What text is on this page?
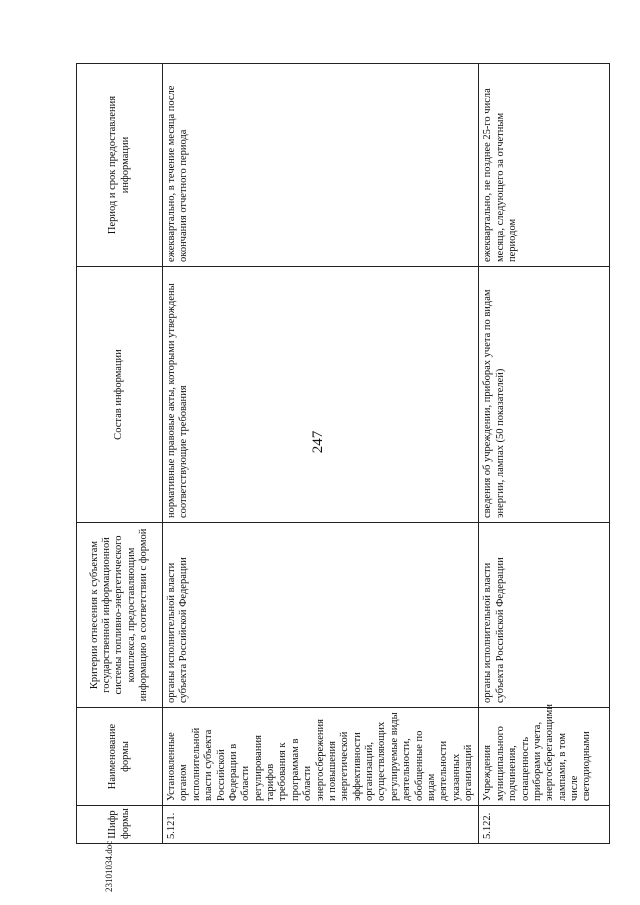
247
Шифр формы	Наименование формы	Критерии отнесения к субъектам государственной информационной системы топливно-энергетического комплекса, предоставляющим информацию в соответствии с формой	Состав информации	Период и срок предоставления информации
5.121.	Установленные органом исполнительной власти субъекта Российской Федерации в области регулирования тарифов требования к программам в области энергосбережения и повышения энергетической эффективности организаций, осуществляющих регулируемые виды деятельности, обобщенные по видам деятельности указанных организаций	органы исполнительной власти субъекта Российской Федерации	нормативные правовые акты, которыми утверждены соответствующие требования	ежеквартально, в течение месяца после окончания отчетного периода
5.122.	Учреждения муниципального подчинения, оснащенность приборами учета, энергосберегающими лампами, в том числе светодиодными	органы исполнительной власти субъекта Российской Федерации	сведения об учреждении, приборах учета по видам энергии, лампах (50 показателей)	ежеквартально, не позднее 25-го числа месяца, следующего за отчетным периодом
23101034.doc
